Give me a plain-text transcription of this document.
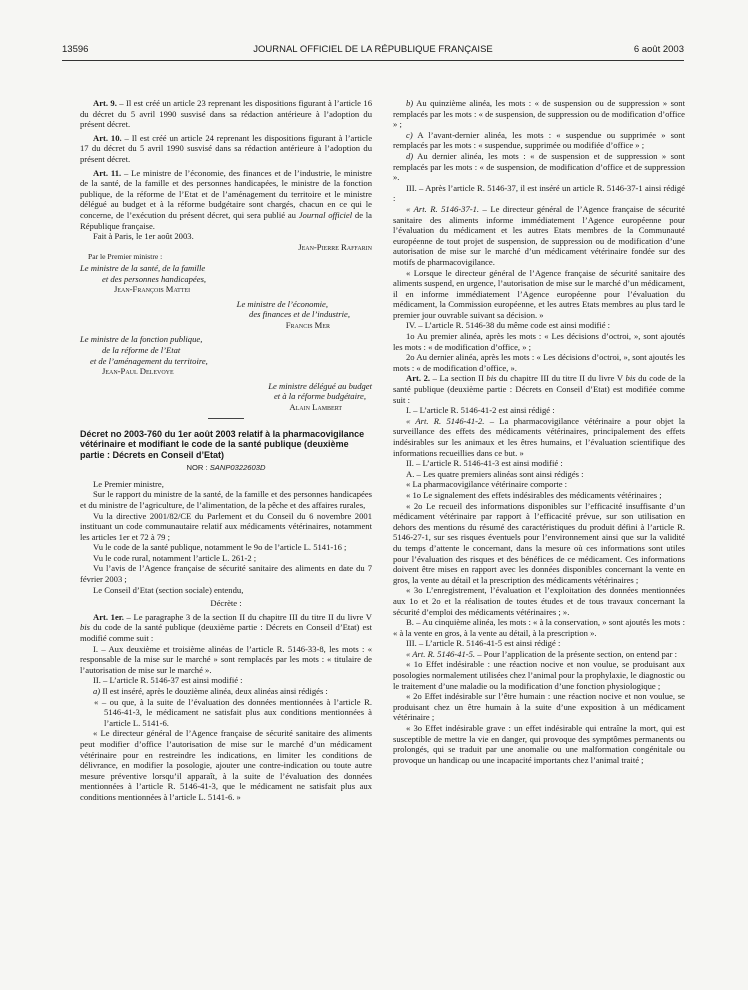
13596	JOURNAL OFFICIEL DE LA RÉPUBLIQUE FRANÇAISE	6 août 2003

Art. 9. – Il est créé un article 23 reprenant les dispositions figurant à l’article 16 du décret du 5 avril 1990 susvisé dans sa rédaction antérieure à l’adoption du présent décret.

Art. 10. – Il est créé un article 24 reprenant les dispositions figurant à l’article 17 du décret du 5 avril 1990 susvisé dans sa rédaction antérieure à l’adoption du présent décret.

Art. 11. – Le ministre de l’économie, des finances et de l’industrie, le ministre de la santé, de la famille et des personnes handicapées, le ministre de la fonction publique, de la réforme de l’Etat et de l’aménagement du territoire et le ministre délégué au budget et à la réforme budgétaire sont chargés, chacun en ce qui le concerne, de l’exécution du présent décret, qui sera publié au Journal officiel de la République française.

Fait à Paris, le 1er août 2003.

Jean-Pierre Raffarin

Par le Premier ministre :

Le ministre de la santé, de la famille

et des personnes handicapées,

Jean-François Mattei

Le ministre de l’économie,

des finances et de l’industrie,

Francis Mer

Le ministre de la fonction publique,

de la réforme de l’Etat

et de l’aménagement du territoire,

Jean-Paul Delevoye

Le ministre délégué au budget

et à la réforme budgétaire,

Alain Lambert

Décret no 2003-760 du 1er août 2003 relatif à la pharmacovigilance vétérinaire et modifiant le code de la santé publique (deuxième partie : Décrets en Conseil d’Etat)

NOR : SANP0322603D

Le Premier ministre,

Sur le rapport du ministre de la santé, de la famille et des personnes handicapées et du ministre de l’agriculture, de l’alimentation, de la pêche et des affaires rurales,

Vu la directive 2001/82/CE du Parlement et du Conseil du 6 novembre 2001 instituant un code communautaire relatif aux médicaments vétérinaires, notamment les articles 1er et 72 à 79 ;

Vu le code de la santé publique, notamment le 9o de l’article L. 5141-16 ;

Vu le code rural, notamment l’article L. 261-2 ;

Vu l’avis de l’Agence française de sécurité sanitaire des aliments en date du 7 février 2003 ;

Le Conseil d’Etat (section sociale) entendu,

Décrète :

Art. 1er. – Le paragraphe 3 de la section II du chapitre III du titre II du livre V bis du code de la santé publique (deuxième partie : Décrets en Conseil d’Etat) est modifié comme suit :

I. – Aux deuxième et troisième alinéas de l’article R. 5146-33-8, les mots : « responsable de la mise sur le marché » sont remplacés par les mots : « titulaire de l’autorisation de mise sur le marché ».

II. – L’article R. 5146-37 est ainsi modifié :

a) Il est inséré, après le douzième alinéa, deux alinéas ainsi rédigés :

« – ou que, à la suite de l’évaluation des données mentionnées à l’article R. 5146-41-3, le médicament ne satisfait plus aux conditions mentionnées à l’article L. 5141-6.

« Le directeur général de l’Agence française de sécurité sanitaire des aliments peut modifier d’office l’autorisation de mise sur le marché d’un médicament vétérinaire pour en restreindre les indications, en limiter les conditions de délivrance, en modifier la posologie, ajouter une contre-indication ou toute autre mesure préventive lorsqu’il apparaît, à la suite de l’évaluation des données mentionnées à l’article R. 5146-41-3, que le médicament ne satisfait plus aux conditions mentionnées à l’article L. 5141-6. »

b) Au quinzième alinéa, les mots : « de suspension ou de suppression » sont remplacés par les mots : « de suspension, de suppression ou de modification d’office » ;

c) A l’avant-dernier alinéa, les mots : « suspendue ou supprimée » sont remplacés par les mots : « suspendue, supprimée ou modifiée d’office » ;

d) Au dernier alinéa, les mots : « de suspension et de suppression » sont remplacés par les mots : « de suspension, de modification d’office et de suppression ».

III. – Après l’article R. 5146-37, il est inséré un article R. 5146-37-1 ainsi rédigé :

« Art. R. 5146-37-1. – Le directeur général de l’Agence française de sécurité sanitaire des aliments informe immédiatement l’Agence européenne pour l’évaluation du médicament et les autres Etats membres de la Communauté européenne de tout projet de suspension, de suppression ou de modification d’une autorisation de mise sur le marché d’un médicament vétérinaire fondée sur des motifs de pharmacovigilance.

« Lorsque le directeur général de l’Agence française de sécurité sanitaire des aliments suspend, en urgence, l’autorisation de mise sur le marché d’un médicament, il en informe immédiatement l’Agence européenne pour l’évaluation du médicament, la Commission européenne, et les autres Etats membres au plus tard le premier jour ouvrable suivant sa décision. »

IV. – L’article R. 5146-38 du même code est ainsi modifié :

1o Au premier alinéa, après les mots : « Les décisions d’octroi, », sont ajoutés les mots : « de modification d’office, » ;

2o Au dernier alinéa, après les mots : « Les décisions d’octroi, », sont ajoutés les mots : « de modification d’office, ».

Art. 2. – La section II bis du chapitre III du titre II du livre V bis du code de la santé publique (deuxième partie : Décrets en Conseil d’Etat) est modifiée comme suit :

I. – L’article R. 5146-41-2 est ainsi rédigé :

« Art. R. 5146-41-2. – La pharmacovigilance vétérinaire a pour objet la surveillance des effets des médicaments vétérinaires, principalement des effets indésirables sur les animaux et les êtres humains, et l’évaluation scientifique des informations recueillies dans ce but. »

II. – L’article R. 5146-41-3 est ainsi modifié :

A. – Les quatre premiers alinéas sont ainsi rédigés :

« La pharmacovigilance vétérinaire comporte :

« 1o Le signalement des effets indésirables des médicaments vétérinaires ;

« 2o Le recueil des informations disponibles sur l’efficacité insuffisante d’un médicament vétérinaire par rapport à l’efficacité prévue, sur son utilisation en dehors des mentions du résumé des caractéristiques du produit défini à l’article R. 5146-27-1, sur ses risques éventuels pour l’environnement ainsi que sur la validité du temps d’attente le concernant, dans la mesure où ces informations sont utiles pour l’évaluation des risques et des bénéfices de ce médicament. Ces informations doivent être mises en rapport avec les données disponibles concernant la vente en gros, la vente au détail et la prescription des médicaments vétérinaires ;

« 3o L’enregistrement, l’évaluation et l’exploitation des données mentionnées aux 1o et 2o et la réalisation de toutes études et de tous travaux concernant la sécurité d’emploi des médicaments vétérinaires ; ».

B. – Au cinquième alinéa, les mots : « à la conservation, » sont ajoutés les mots : « à la vente en gros, à la vente au détail, à la prescription ».

III. – L’article R. 5146-41-5 est ainsi rédigé :

« Art. R. 5146-41-5. – Pour l’application de la présente section, on entend par :

« 1o Effet indésirable : une réaction nocive et non voulue, se produisant aux posologies normalement utilisées chez l’animal pour la prophylaxie, le diagnostic ou le traitement d’une maladie ou la modification d’une fonction physiologique ;

« 2o Effet indésirable sur l’être humain : une réaction nocive et non voulue, se produisant chez un être humain à la suite d’une exposition à un médicament vétérinaire ;

« 3o Effet indésirable grave : un effet indésirable qui entraîne la mort, qui est susceptible de mettre la vie en danger, qui provoque des symptômes permanents ou prolongés, qui se traduit par une anomalie ou une malformation congénitale ou provoque un handicap ou une incapacité importants chez l’animal traité ;
